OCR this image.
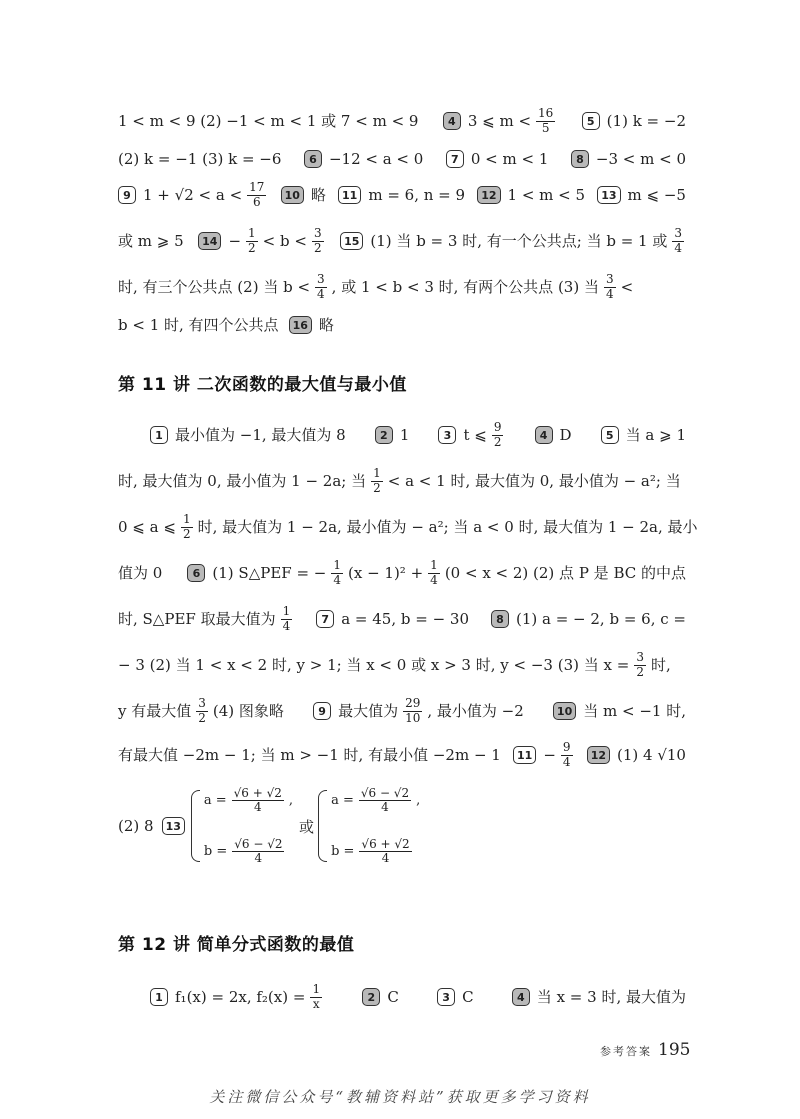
1 < m < 9 (2) −1 < m < 1 或 7 < m < 9	4 3 ⩽ $m < \frac{16}{5}$	5 (1) k = −2
(2) k = −1 (3) k = −6	6 −12 < a < 0	7 0 < m < 1	8 −3 < m < 0
9 $1 + √2 < a < \frac{17}{6}$	10 略	11 m = 6, n = 9	12 1 < m < 5	13 m ⩽ −5
或 m ⩾ 5	$14 - \frac{1}{2} < b < \frac{3}{2}$	15 (1) 当 b = 3 时, 有一个公共点; 当 b = 1 或 $\frac{3}{4}$
时, 有三个公共点 (2) 当 $b < \frac{3}{4}$ , 或 1 < b < 3 时, 有两个公共点 (3) 当 $\frac{3}{4}$ <
b < 1 时, 有四个公共点	16 略
第 11 讲 二次函数的最大值与最小值
1 最小值为 −1, 最大值为 8	2 1	3 t ⩽ $\frac{9}{2}$	4 D	5 当 a ⩾ 1
时, 最大值为 0, 最小值为 1 − 2a; 当 $\frac{1}{2} < a < 1$ 时, 最大值为 0, 最小值为 − a²; 当
0 ⩽ a ⩽ $\frac{1}{2}$ 时, 最大值为 1 − 2a, 最小值为 − a²; 当 a < 0 时, 最大值为 1 − 2a, 最小
值为 0	6 (1) S△PEF = − $\frac{1}{4} (x - 1)^2 + \frac{1}{4} (0 < x < 2)$ (2) 点 P 是 BC 的中点
时, S△PEF 取最大值为 $\frac{1}{4}$	7 a = 45, b = − 30	8 (1) a = − 2, b = 6, c =
− 3 (2) 当 1 < x < 2 时, y > 1; 当 x < 0 或 x > 3 时, y < −3 (3) 当 $x = \frac{3}{2}$ 时,
y 有最大值 $\frac{3}{2} (4)$ 图象略	9 最大值为 $\frac{29}{10}$ , 最小值为 −2	10 当 m < −1 时,
有最大值 −2m − 1; 当 m > −1 时, 有最小值 −2m − 1	$11 - \frac{9}{4}$	12 (1) 4 √10
(2) 8	13
$a = \frac{√6 + √2}{4}$ ,
$b = \frac{√6 - √2}{4}$
或
$a = \frac{√6 - √2}{4}$ ,
$b = \frac{√6 + √2}{4}$
第 12 讲 简单分式函数的最值
1 f₁(x) = 2x, $f_2(x) = \frac{1}{x}$	2 C	3 C	4 当 x = 3 时, 最大值为
参考答案 195
关注微信公众号“教辅资料站”获取更多学习资料
